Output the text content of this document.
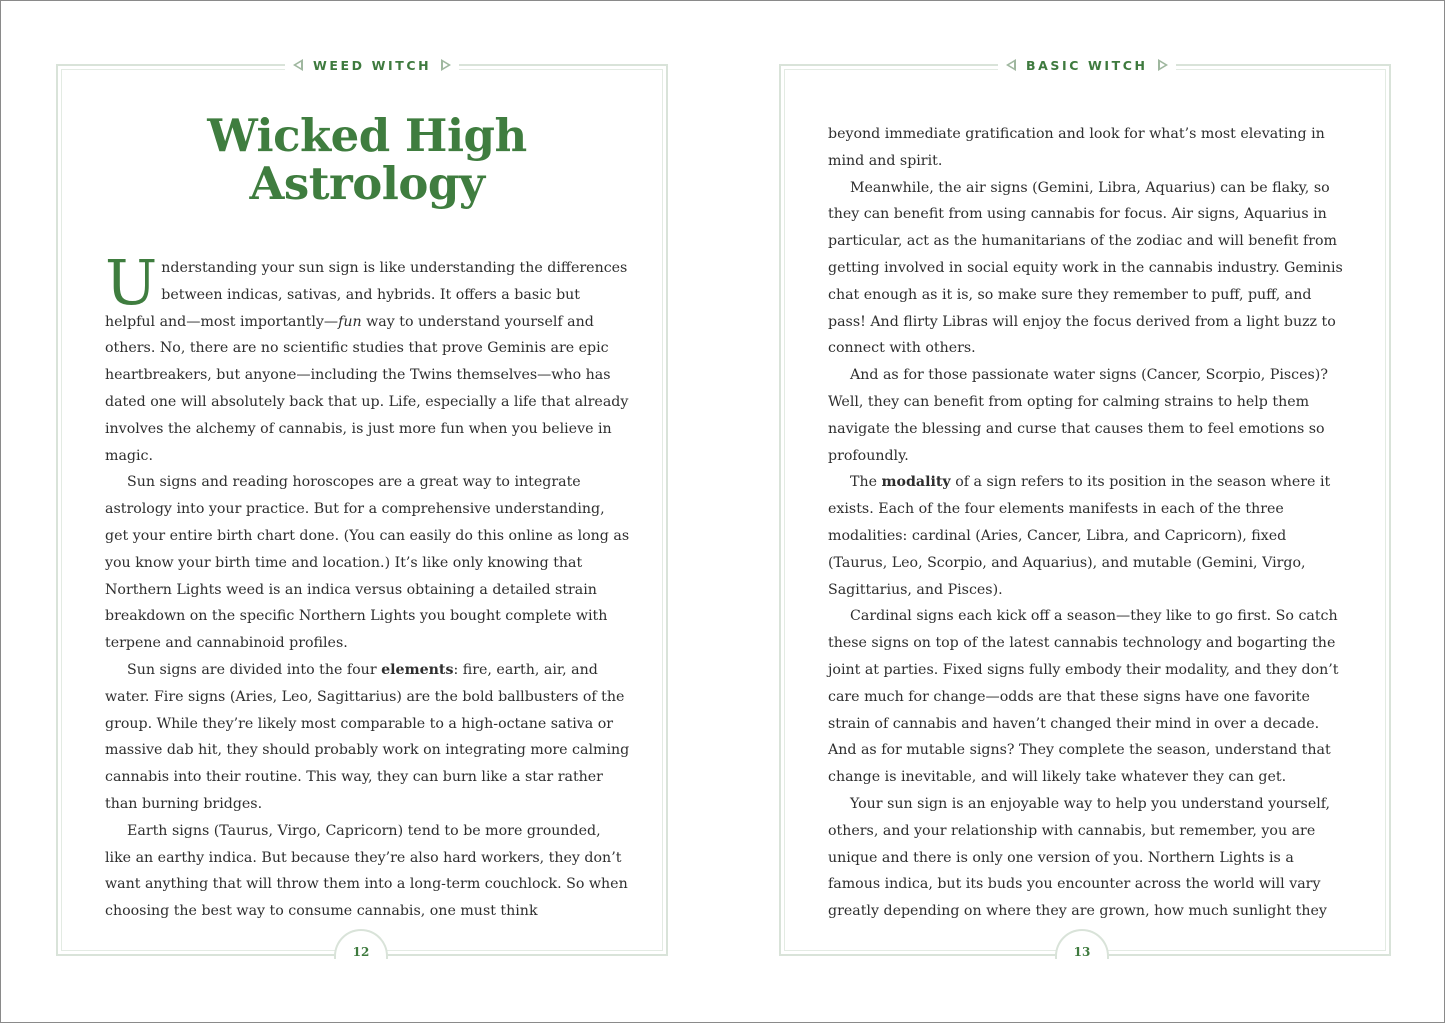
WEED WITCH
Wicked High
Astrology

Understanding your sun sign is like understanding the differences between indicas, sativas, and hybrids. It offers a basic but helpful and—most importantly—fun way to understand yourself and others. No, there are no scientific studies that prove Geminis are epic heartbreakers, but anyone—including the Twins themselves—who has dated one will absolutely back that up. Life, especially a life that already involves the alchemy of cannabis, is just more fun when you believe in magic.

Sun signs and reading horoscopes are a great way to integrate astrology into your practice. But for a comprehensive understanding, get your entire birth chart done. (You can easily do this online as long as you know your birth time and location.) It’s like only knowing that Northern Lights weed is an indica versus obtaining a detailed strain breakdown on the specific Northern Lights you bought complete with terpene and cannabinoid profiles.

Sun signs are divided into the four elements: fire, earth, air, and water. Fire signs (Aries, Leo, Sagittarius) are the bold ballbusters of the group. While they’re likely most comparable to a high-octane sativa or massive dab hit, they should probably work on integrating more calming cannabis into their routine. This way, they can burn like a star rather than burning bridges.

Earth signs (Taurus, Virgo, Capricorn) tend to be more grounded, like an earthy indica. But because they’re also hard workers, they don’t want anything that will throw them into a long-term couchlock. So when choosing the best way to consume cannabis, one must think

12
BASIC WITCH
13

beyond immediate gratification and look for what’s most elevating in mind and spirit.

Meanwhile, the air signs (Gemini, Libra, Aquarius) can be flaky, so they can benefit from using cannabis for focus. Air signs, Aquarius in particular, act as the humanitarians of the zodiac and will benefit from getting involved in social equity work in the cannabis industry. Geminis chat enough as it is, so make sure they remember to puff, puff, and pass! And flirty Libras will enjoy the focus derived from a light buzz to connect with others.

And as for those passionate water signs (Cancer, Scorpio, Pisces)? Well, they can benefit from opting for calming strains to help them navigate the blessing and curse that causes them to feel emotions so profoundly.

The modality of a sign refers to its position in the season where it exists. Each of the four elements manifests in each of the three modalities: cardinal (Aries, Cancer, Libra, and Capricorn), fixed (Taurus, Leo, Scorpio, and Aquarius), and mutable (Gemini, Virgo, Sagittarius, and Pisces).

Cardinal signs each kick off a season—they like to go first. So catch these signs on top of the latest cannabis technology and bogarting the joint at parties. Fixed signs fully embody their modality, and they don’t care much for change—odds are that these signs have one favorite strain of cannabis and haven’t changed their mind in over a decade. And as for mutable signs? They complete the season, understand that change is inevitable, and will likely take whatever they can get.

Your sun sign is an enjoyable way to help you understand yourself, others, and your relationship with cannabis, but remember, you are unique and there is only one version of you. Northern Lights is a famous indica, but its buds you encounter across the world will vary greatly depending on where they are grown, how much sunlight they
